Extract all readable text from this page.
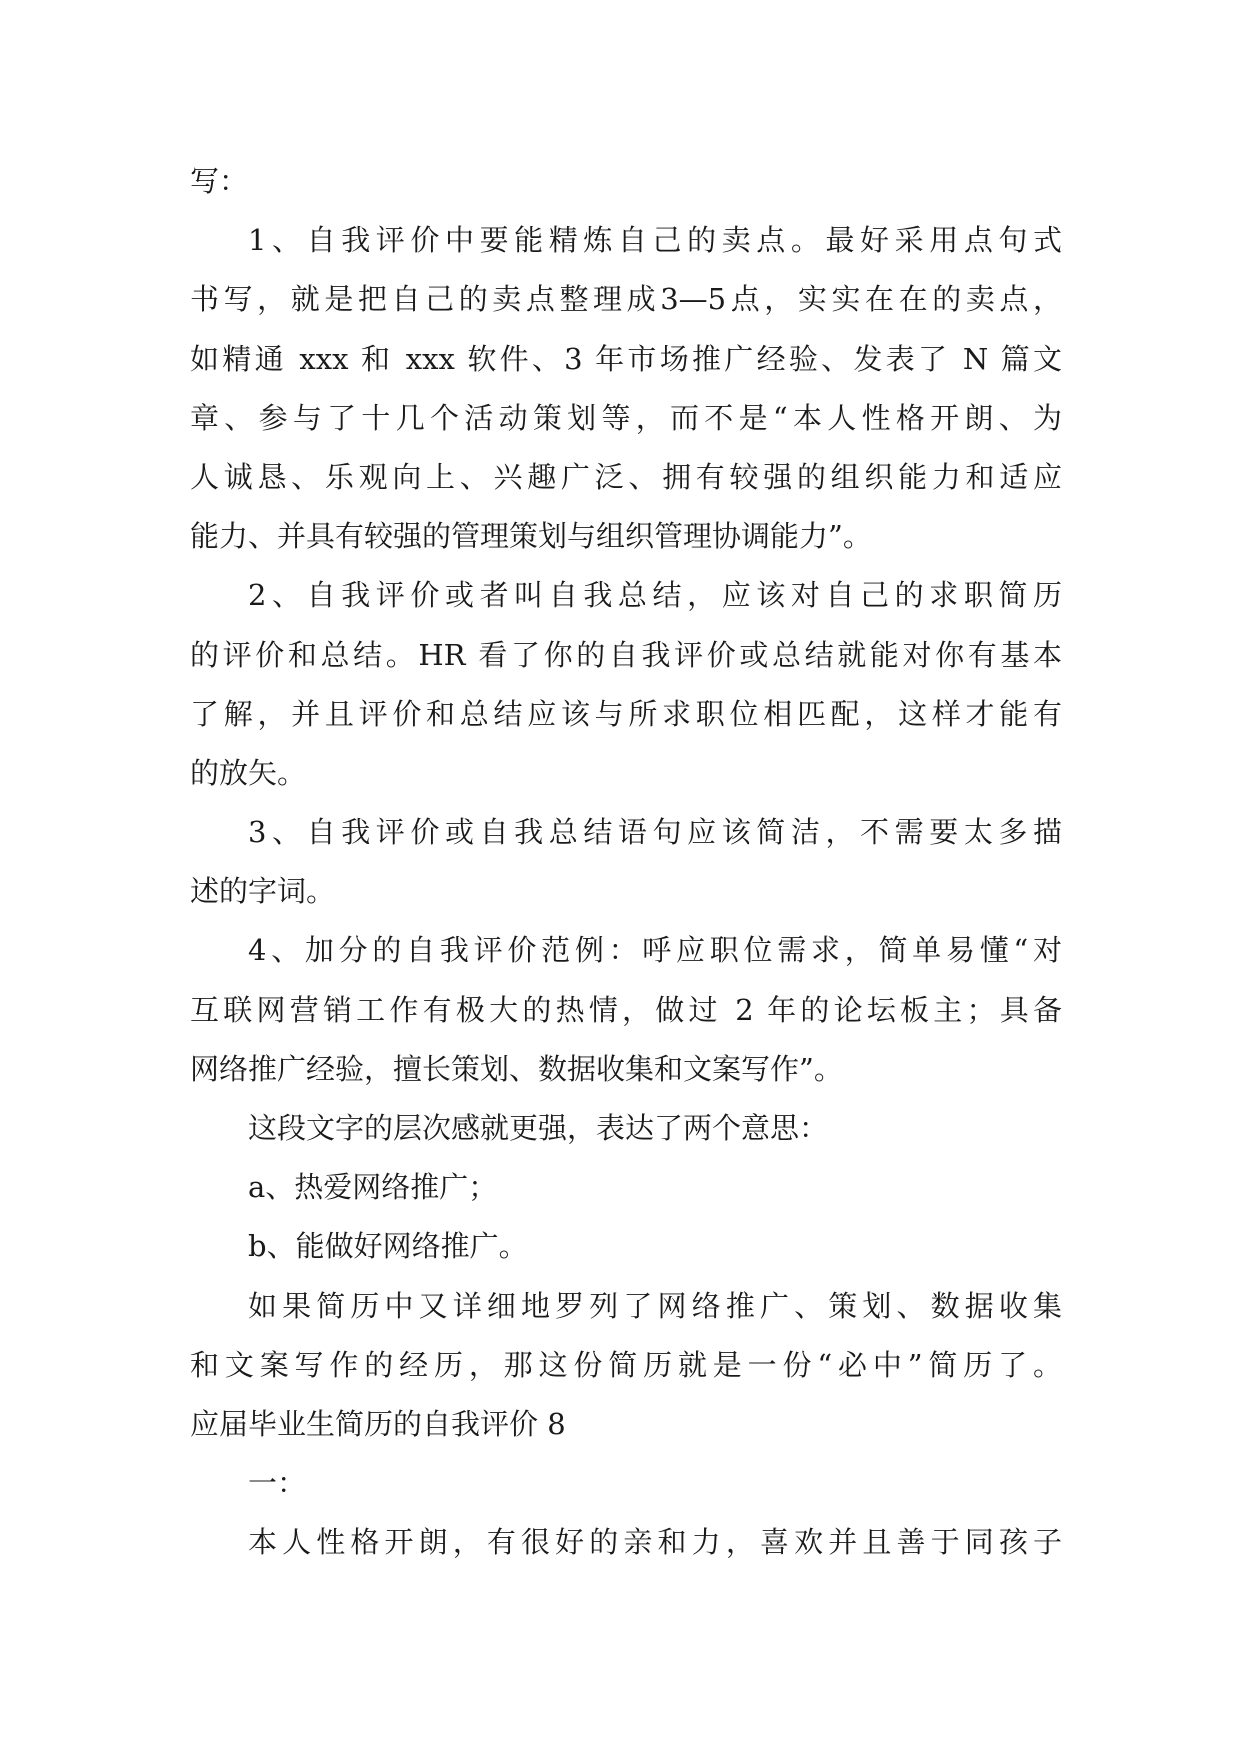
写：
1、自我评价中要能精炼自己的卖点。最好采用点句式
书写，就是把自己的卖点整理成3—5点，实实在在的卖点，
如精通 xxx 和 xxx 软件、3 年市场推广经验、发表了 N 篇文
章、参与了十几个活动策划等，而不是“本人性格开朗、为
人诚恳、乐观向上、兴趣广泛、拥有较强的组织能力和适应
能力、并具有较强的管理策划与组织管理协调能力”。
2、自我评价或者叫自我总结，应该对自己的求职简历
的评价和总结。HR 看了你的自我评价或总结就能对你有基本
了解，并且评价和总结应该与所求职位相匹配，这样才能有
的放矢。
3、自我评价或自我总结语句应该简洁，不需要太多描
述的字词。
4、加分的自我评价范例：呼应职位需求，简单易懂“对
互联网营销工作有极大的热情，做过 2 年的论坛板主；具备
网络推广经验，擅长策划、数据收集和文案写作”。
这段文字的层次感就更强，表达了两个意思：
a、热爱网络推广；
b、能做好网络推广。
如果简历中又详细地罗列了网络推广、策划、数据收集
和文案写作的经历，那这份简历就是一份“必中”简历了。
应届毕业生简历的自我评价 8
一：
本人性格开朗，有很好的亲和力，喜欢并且善于同孩子
